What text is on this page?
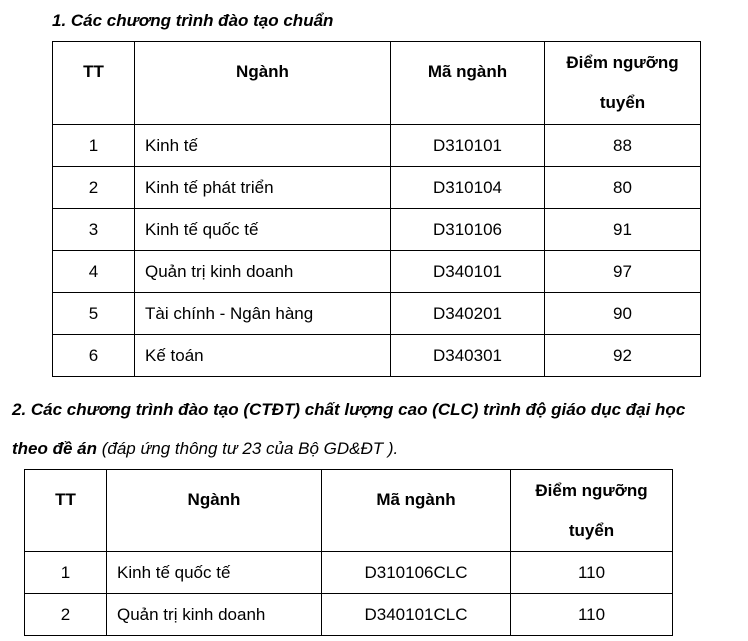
1. Các chương trình đào tạo chuẩn
TT	Ngành	Mã ngành	Điểm ngưỡng
tuyển

1	Kinh tế	D310101	88
2	Kinh tế phát triển	D310104	80
3	Kinh tế quốc tế	D310106	91
4	Quản trị kinh doanh	D340101	97
5	Tài chính - Ngân hàng	D340201	90
6	Kế toán	D340301	92
2. Các chương trình đào tạo (CTĐT) chất lượng cao (CLC) trình độ giáo dục đại học
theo đề án (đáp ứng thông tư 23 của Bộ GD&ĐT ).
TT	Ngành	Mã ngành	Điểm ngưỡng
tuyển

1	Kinh tế quốc tế	D310106CLC	110
2	Quản trị kinh doanh	D340101CLC	110
